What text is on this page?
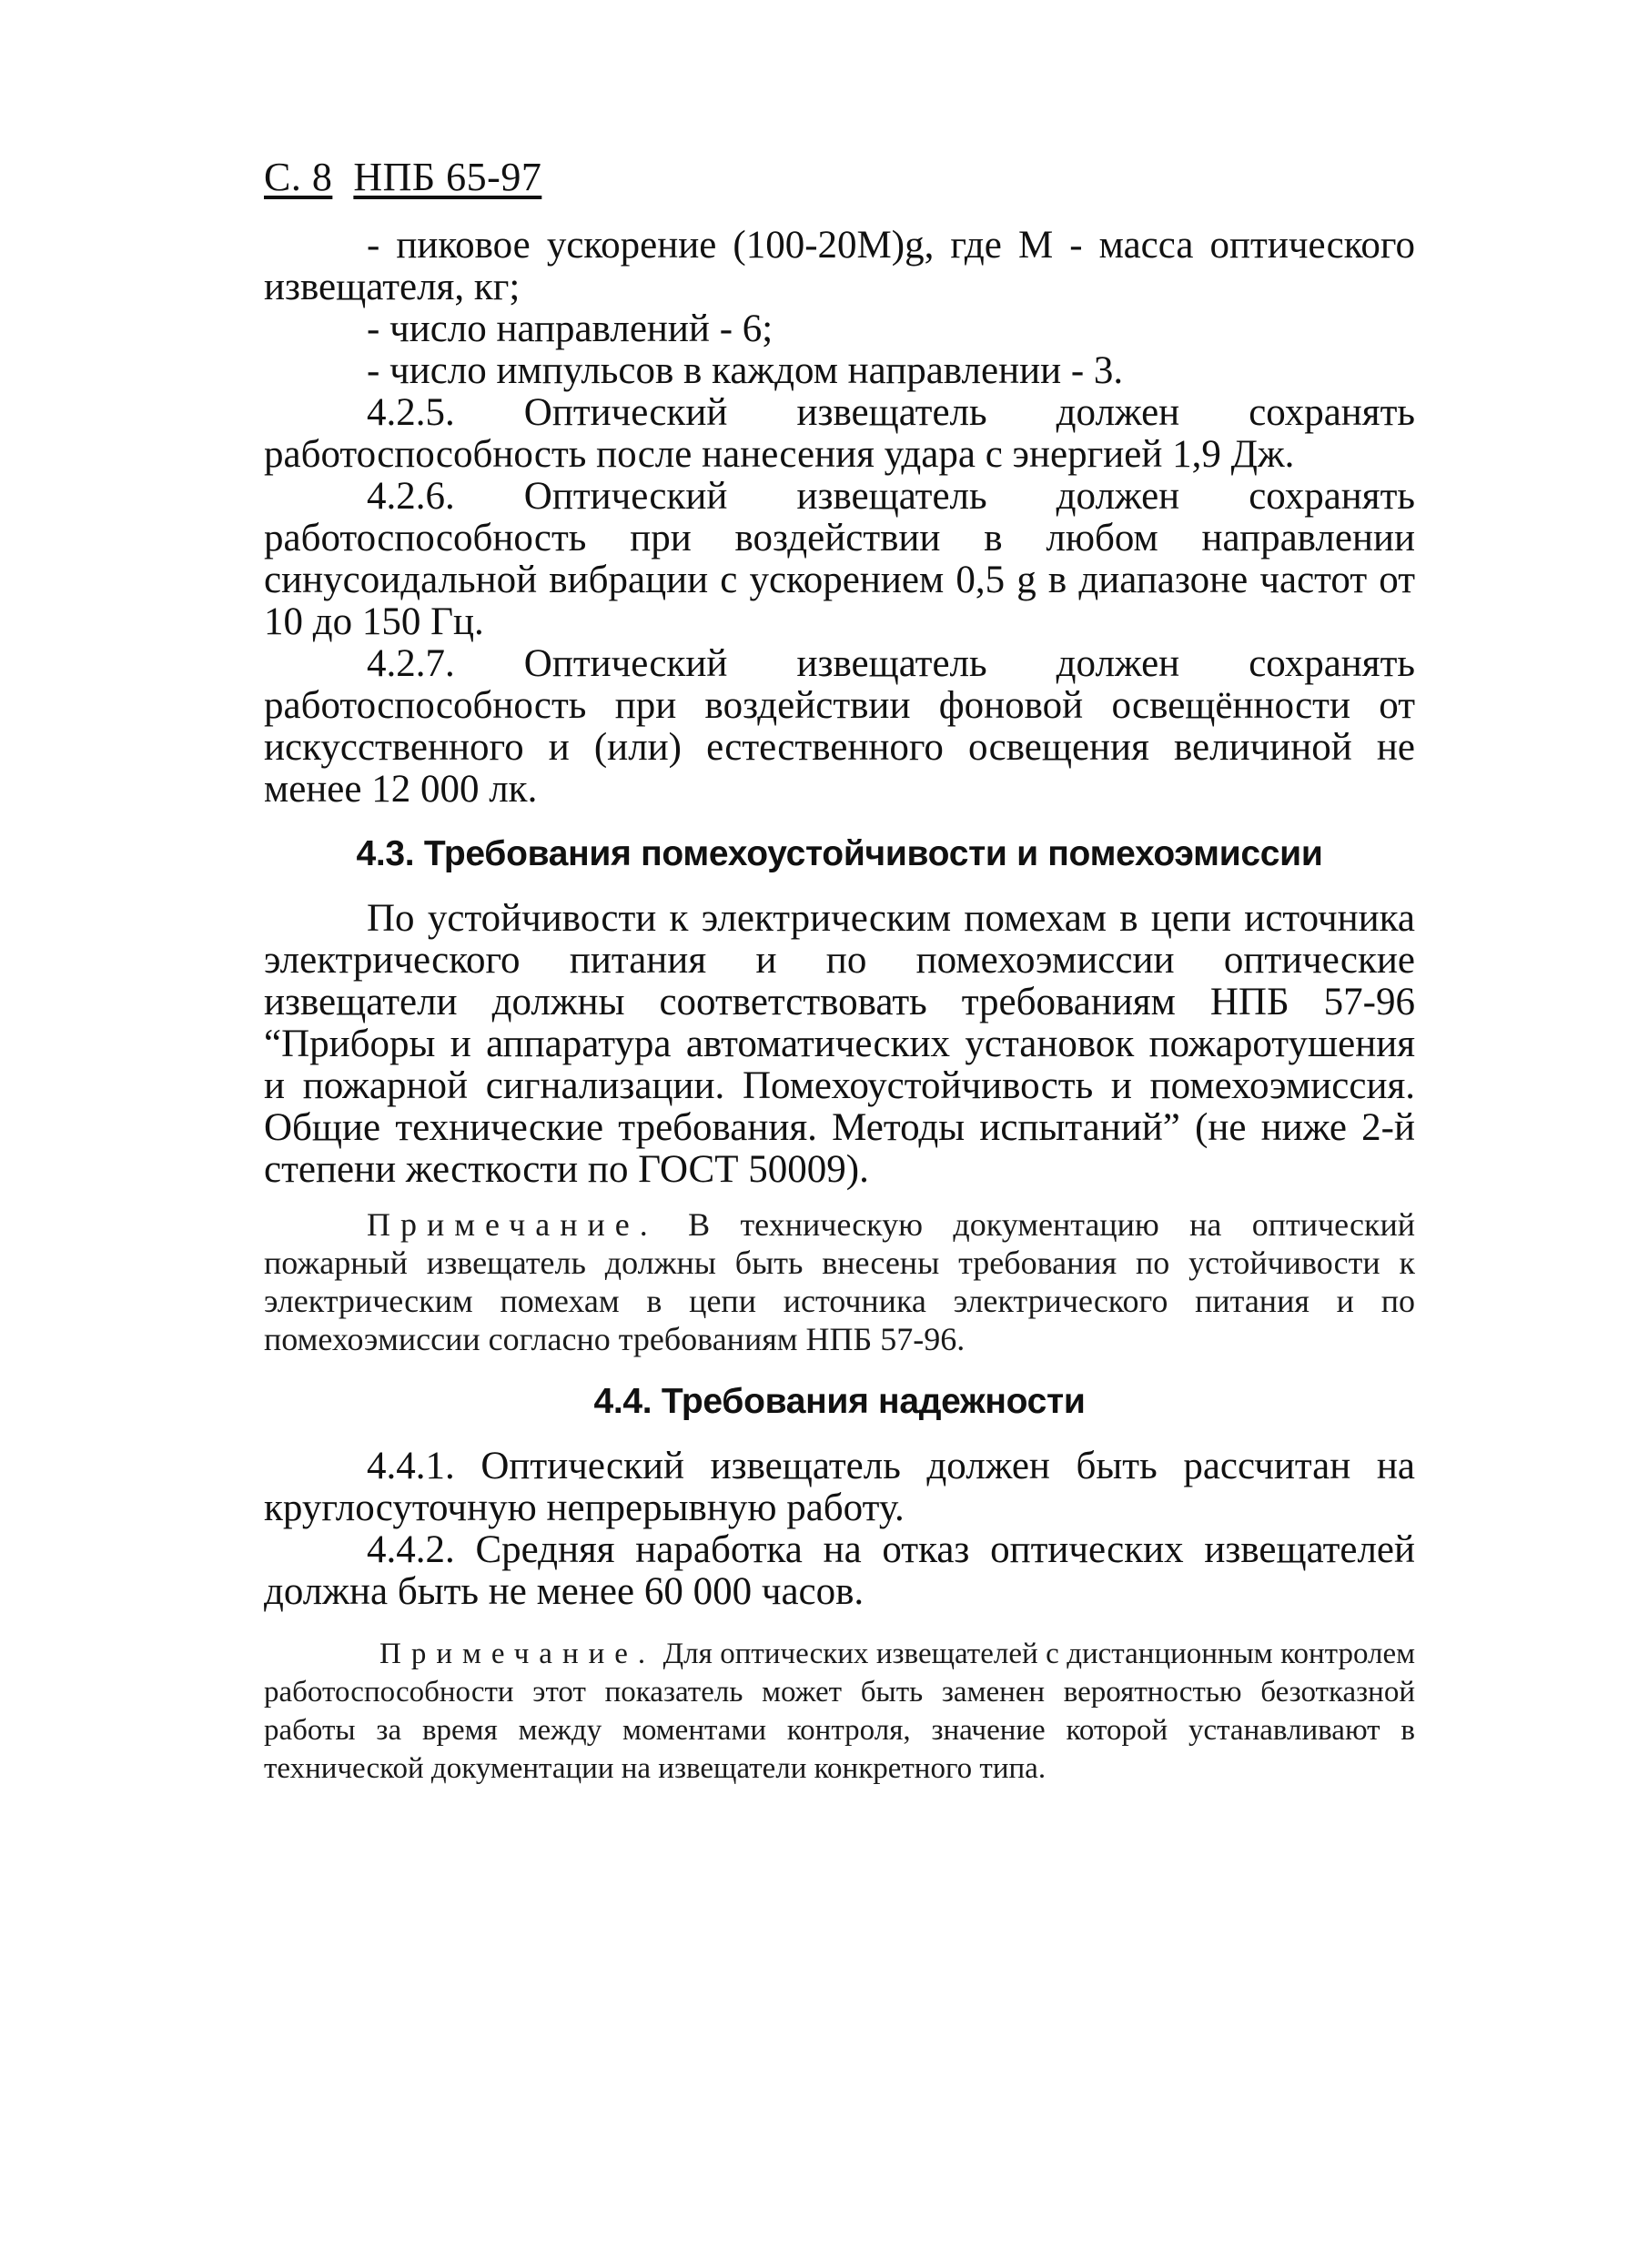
С. 8 НПБ 65-97

- пиковое ускорение (100-20M)g, где М - масса оптического извещателя, кг;

- число направлений - 6;

- число импульсов в каждом направлении - 3.

4.2.5. Оптический извещатель должен сохранять работоспособность после нанесения удара с энергией 1,9 Дж.

4.2.6. Оптический извещатель должен сохранять работоспособность при воздействии в любом направлении синусоидальной вибрации с ускорением 0,5 g в диапазоне частот от 10 до 150 Гц.

4.2.7. Оптический извещатель должен сохранять работоспособность при воздействии фоновой освещённости от искусственного и (или) естественного освещения величиной не менее 12 000 лк.

4.3. Требования помехоустойчивости и помехоэмиссии

По устойчивости к электрическим помехам в цепи источника электрического питания и по помехоэмиссии оптические извещатели должны соответствовать требованиям НПБ 57-96 “Приборы и аппаратура автоматических установок пожаротушения и пожарной сигнализации. Помехоустойчивость и помехоэмиссия. Общие технические требования. Методы испытаний” (не ниже 2-й степени жесткости по ГОСТ 50009).

Примечание. В техническую документацию на оптический пожарный извещатель должны быть внесены требования по устойчивости к электрическим помехам в цепи источника электрического питания и по помехоэмиссии согласно требованиям НПБ 57-96.

4.4. Требования надежности

4.4.1. Оптический извещатель должен быть рассчитан на круглосуточную непрерывную работу.

4.4.2. Средняя наработка на отказ оптических извещателей должна быть не менее 60 000 часов.

Примечание. Для оптических извещателей с дистанционным контролем работоспособности этот показатель может быть заменен вероятностью безотказной работы за время между моментами контроля, значение которой устанавливают в технической документации на извещатели конкретного типа.
